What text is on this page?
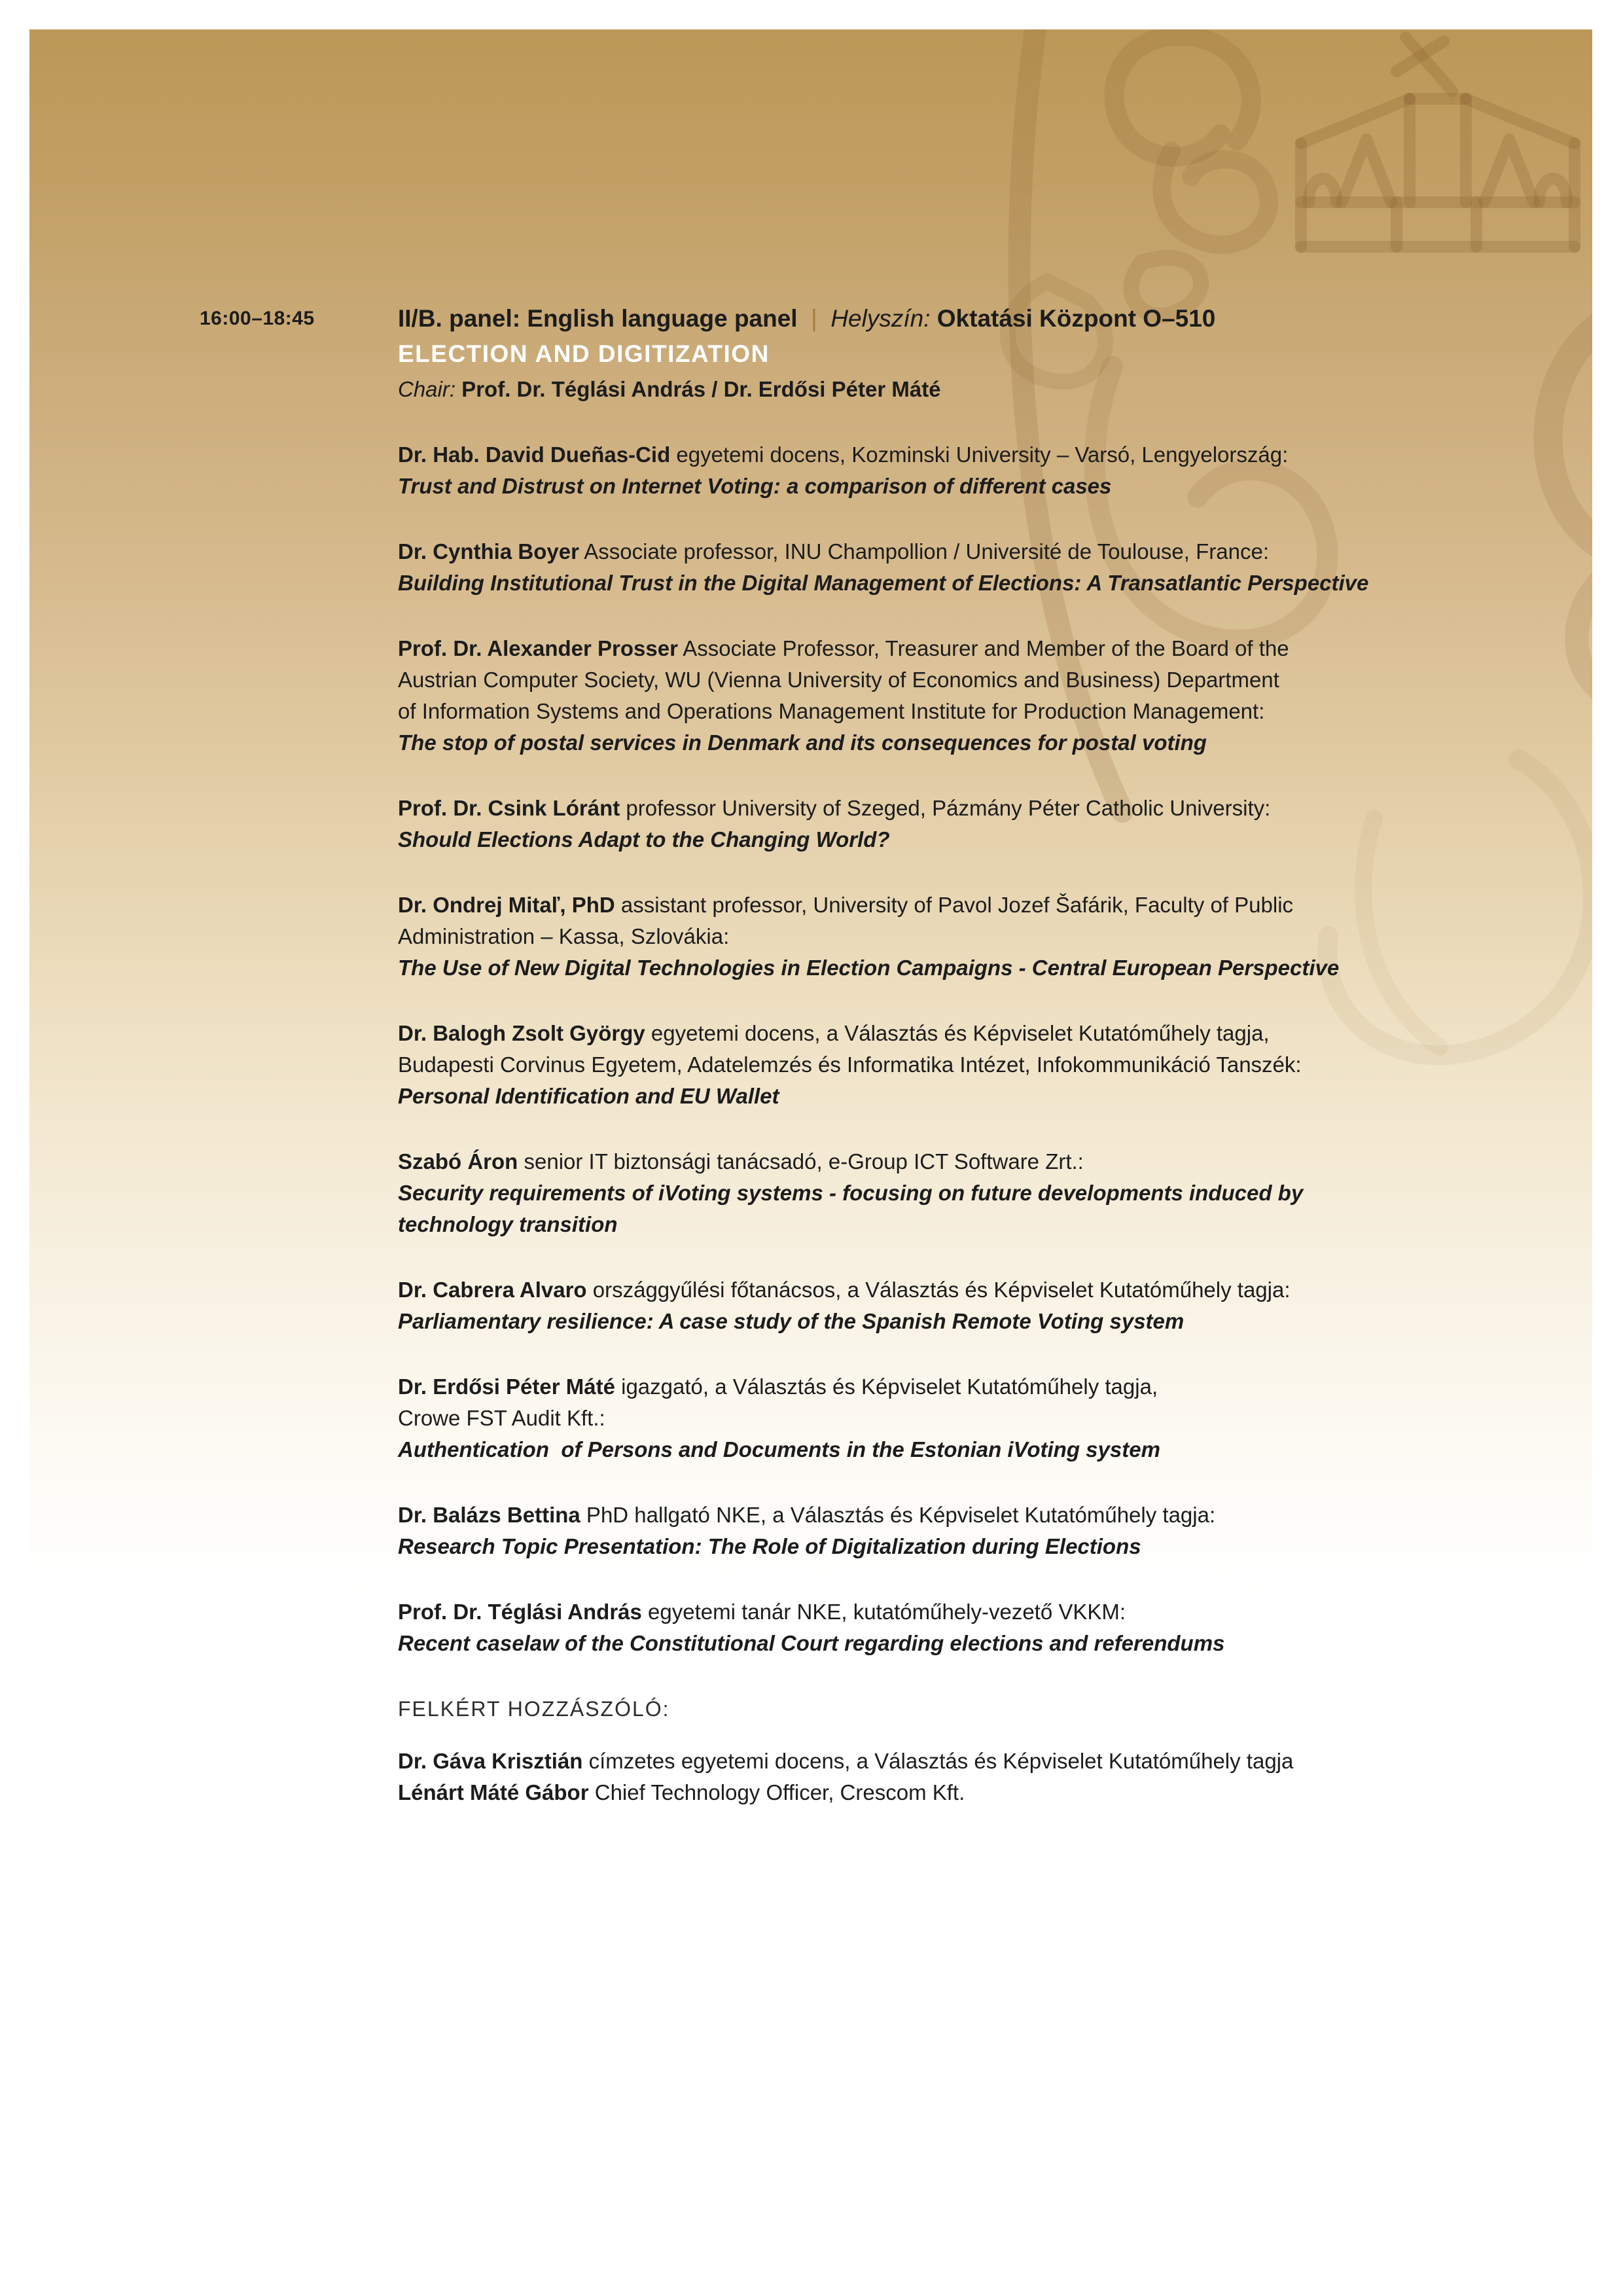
16:00–18:45	II/B. panel: English language panel  |  Helyszín: Oktatási Központ O–510

ELECTION AND DIGITIZATION

Chair: Prof. Dr. Téglási András / Dr. Erdősi Péter Máté

Dr. Hab. David Dueñas-Cid egyetemi docens, Kozminski University – Varsó, Lengyelország:
Trust and Distrust on Internet Voting: a comparison of different cases

Dr. Cynthia Boyer Associate professor, INU Champollion / Université de Toulouse, France:
Building Institutional Trust in the Digital Management of Elections: A Transatlantic Perspective

Prof. Dr. Alexander Prosser Associate Professor, Treasurer and Member of the Board of the
Austrian Computer Society, WU (Vienna University of Economics and Business) Department
of Information Systems and Operations Management Institute for Production Management:
The stop of postal services in Denmark and its consequences for postal voting

Prof. Dr. Csink Lóránt professor University of Szeged, Pázmány Péter Catholic University:
Should Elections Adapt to the Changing World?

Dr. Ondrej Mitaľ, PhD assistant professor, University of Pavol Jozef Šafárik, Faculty of Public
Administration – Kassa, Szlovákia:
The Use of New Digital Technologies in Election Campaigns - Central European Perspective

Dr. Balogh Zsolt György egyetemi docens, a Választás és Képviselet Kutatóműhely tagja,
Budapesti Corvinus Egyetem, Adatelemzés és Informatika Intézet, Infokommunikáció Tanszék:
Personal Identification and EU Wallet

Szabó Áron senior IT biztonsági tanácsadó, e-Group ICT Software Zrt.:
Security requirements of iVoting systems - focusing on future developments induced by
technology transition

Dr. Cabrera Alvaro országgyűlési főtanácsos, a Választás és Képviselet Kutatóműhely tagja:
Parliamentary resilience: A case study of the Spanish Remote Voting system

Dr. Erdősi Péter Máté igazgató, a Választás és Képviselet Kutatóműhely tagja,
Crowe FST Audit Kft.:
Authentication  of Persons and Documents in the Estonian iVoting system

Dr. Balázs Bettina PhD hallgató NKE, a Választás és Képviselet Kutatóműhely tagja:
Research Topic Presentation: The Role of Digitalization during Elections

Prof. Dr. Téglási András egyetemi tanár NKE, kutatóműhely-vezető VKKM:
Recent caselaw of the Constitutional Court regarding elections and referendums

FELKÉRT HOZZÁSZÓLÓ:

Dr. Gáva Krisztián címzetes egyetemi docens, a Választás és Képviselet Kutatóműhely tagja

Lénárt Máté Gábor Chief Technology Officer, Crescom Kft.
